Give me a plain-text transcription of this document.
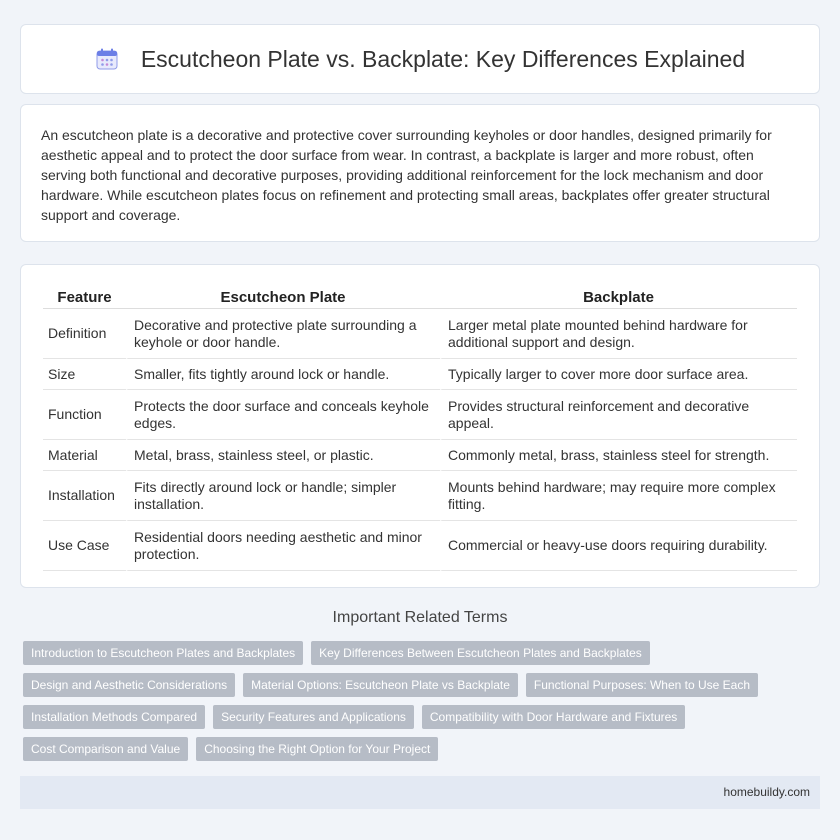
Escutcheon Plate vs. Backplate: Key Differences Explained

An escutcheon plate is a decorative and protective cover surrounding keyholes or door handles, designed primarily for aesthetic appeal and to protect the door surface from wear. In contrast, a backplate is larger and more robust, often serving both functional and decorative purposes, providing additional reinforcement for the lock mechanism and door hardware. While escutcheon plates focus on refinement and protecting small areas, backplates offer greater structural support and coverage.

Feature	Escutcheon Plate	Backplate
Definition	Decorative and protective plate surrounding a keyhole or door handle.	Larger metal plate mounted behind hardware for additional support and design.
Size	Smaller, fits tightly around lock or handle.	Typically larger to cover more door surface area.
Function	Protects the door surface and conceals keyhole edges.	Provides structural reinforcement and decorative appeal.
Material	Metal, brass, stainless steel, or plastic.	Commonly metal, brass, stainless steel for strength.
Installation	Fits directly around lock or handle; simpler installation.	Mounts behind hardware; may require more complex fitting.
Use Case	Residential doors needing aesthetic and minor protection.	Commercial or heavy-use doors requiring durability.
Important Related Terms
Introduction to Escutcheon Plates and Backplates	Key Differences Between Escutcheon Plates and Backplates
Design and Aesthetic Considerations	Material Options: Escutcheon Plate vs Backplate	Functional Purposes: When to Use Each
Installation Methods Compared	Security Features and Applications	Compatibility with Door Hardware and Fixtures
Cost Comparison and Value	Choosing the Right Option for Your Project
homebuildy.com
